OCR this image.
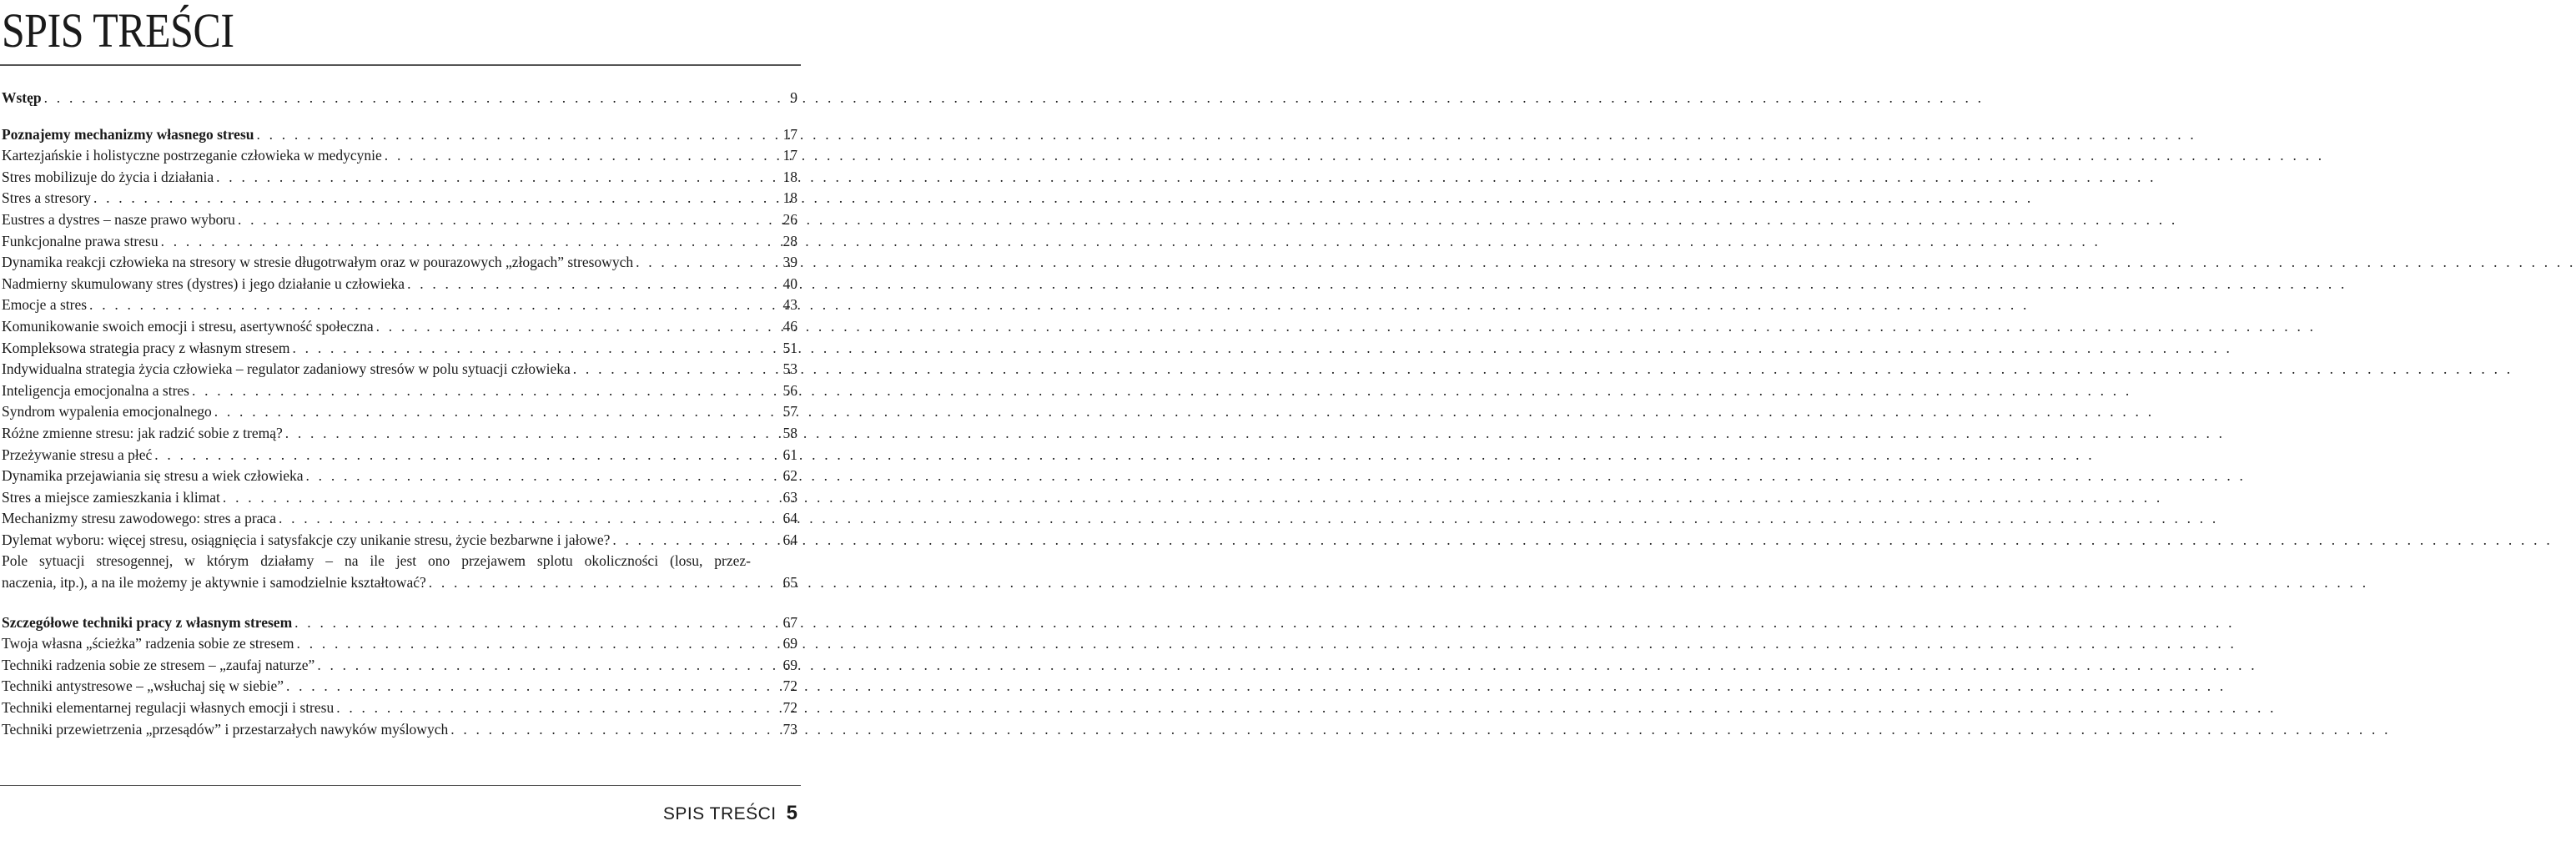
SPIS TREŚCI
Wstęp . . .	9
Poznajemy mechanizmy własnego stresu . . .	17
Kartezjańskie i holistyczne postrzeganie człowieka w medycynie . . .	17
Stres mobilizuje do życia i działania . . .	18
Stres a stresory . . .	18
Eustres a dystres – nasze prawo wyboru . . .	26
Funkcjonalne prawa stresu . . .	28
Dynamika reakcji człowieka na stresory w stresie długotrwałym oraz w pourazowych „złogach” stresowych . . .	39
Nadmierny skumulowany stres (dystres) i jego działanie u człowieka . . .	40
Emocje a stres . . .	43
Komunikowanie swoich emocji i stresu, asertywność społeczna . . .	46
Kompleksowa strategia pracy z własnym stresem . . .	51
Indywidualna strategia życia człowieka – regulator zadaniowy stresów w polu sytuacji człowieka . . .	53
Inteligencja emocjonalna a stres . . .	56
Syndrom wypalenia emocjonalnego . . .	57
Różne zmienne stresu: jak radzić sobie z tremą? . . .	58
Przeżywanie stresu a płeć . . .	61
Dynamika przejawiania się stresu a wiek człowieka . . .	62
Stres a miejsce zamieszkania i klimat . . .	63
Mechanizmy stresu zawodowego: stres a praca . . .	64
Dylemat wyboru: więcej stresu, osiągnięcia i satysfakcje czy unikanie stresu, życie bezbarwne i jałowe? . . .	64
Pole sytuacji stresogennej, w którym działamy – na ile jest ono przejawem splotu okoliczności (losu, przez-
naczenia, itp.), a na ile możemy je aktywnie i samodzielnie kształtować? . . .	65
Szczegółowe techniki pracy z własnym stresem . . .	67
Twoja własna „ścieżka” radzenia sobie ze stresem . . .	69
Techniki radzenia sobie ze stresem – „zaufaj naturze” . . .	69
Techniki antystresowe – „wsłuchaj się w siebie” . . .	72
Techniki elementarnej regulacji własnych emocji i stresu . . .	72
Techniki przewietrzenia „przesądów” i przestarzałych nawyków myślowych . . .	73
SPIS TREŚCI 5
